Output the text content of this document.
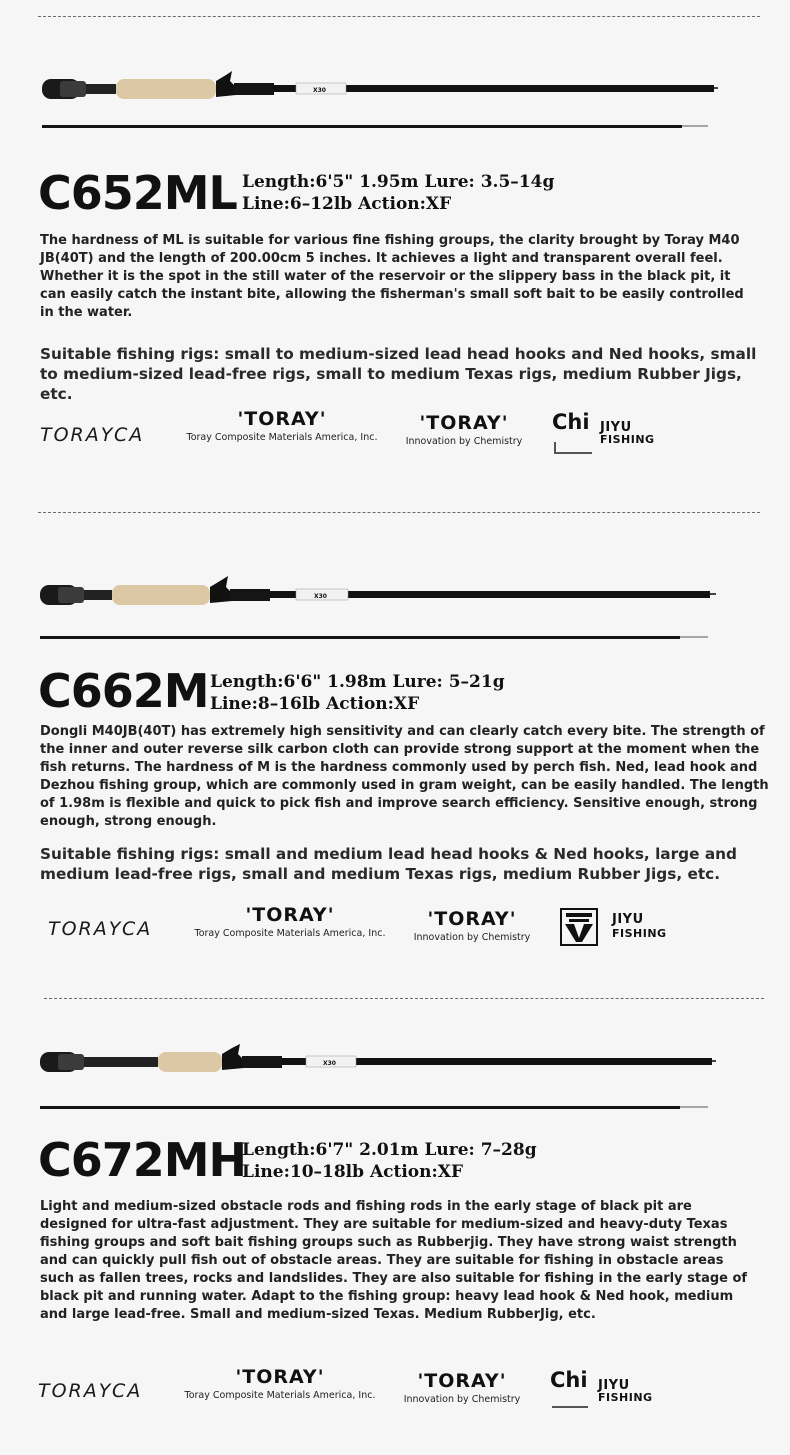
X30
C652ML Length:6'5" 1.95m Lure: 3.5–14g
Line:6–12lb Action:XF
The hardness of ML is suitable for various fine fishing groups, the clarity brought by Toray M40 JB(40T) and the length of 200.00cm 5 inches. It achieves a light and transparent overall feel. Whether it is the spot in the still water of the reservoir or the slippery bass in the black pit, it can easily catch the instant bite, allowing the fisherman's small soft bait to be easily controlled in the water.
Suitable fishing rigs: small to medium-sized lead head hooks and Ned hooks, small to medium-sized lead-free rigs, small to medium Texas rigs, medium Rubber Jigs, etc.
TORAYCA
'TORAY'
Toray Composite Materials America, Inc.
'TORAY'
Innovation by Chemistry
Chi JIYU
FISHING
X30
C662M Length:6'6" 1.98m Lure: 5–21g
Line:8–16lb Action:XF
Dongli M40JB(40T) has extremely high sensitivity and can clearly catch every bite. The strength of the inner and outer reverse silk carbon cloth can provide strong support at the moment when the fish returns. The hardness of M is the hardness commonly used by perch fish. Ned, lead hook and Dezhou fishing group, which are commonly used in gram weight, can be easily handled. The length of 1.98m is flexible and quick to pick fish and improve search efficiency. Sensitive enough, strong enough, strong enough.
Suitable fishing rigs: small and medium lead head hooks & Ned hooks, large and medium lead-free rigs, small and medium Texas rigs, medium Rubber Jigs, etc.
TORAYCA
'TORAY'
Toray Composite Materials America, Inc.
'TORAY'
Innovation by Chemistry
JIYU
FISHING
X30
C672MH
Length:6'7" 2.01m Lure: 7–28g
Line:10–18lb Action:XF
Light and medium-sized obstacle rods and fishing rods in the early stage of black pit are designed for ultra-fast adjustment. They are suitable for medium-sized and heavy-duty Texas fishing groups and soft bait fishing groups such as Rubberjig. They have strong waist strength and can quickly pull fish out of obstacle areas. They are suitable for fishing in obstacle areas such as fallen trees, rocks and landslides. They are also suitable for fishing in the early stage of black pit and running water. Adapt to the fishing group: heavy lead hook & Ned hook, medium and large lead-free. Small and medium-sized Texas. Medium RubberJig, etc.
TORAYCA
'TORAY'
Toray Composite Materials America, Inc.
'TORAY'
Innovation by Chemistry
Chi JIYU
FISHING
